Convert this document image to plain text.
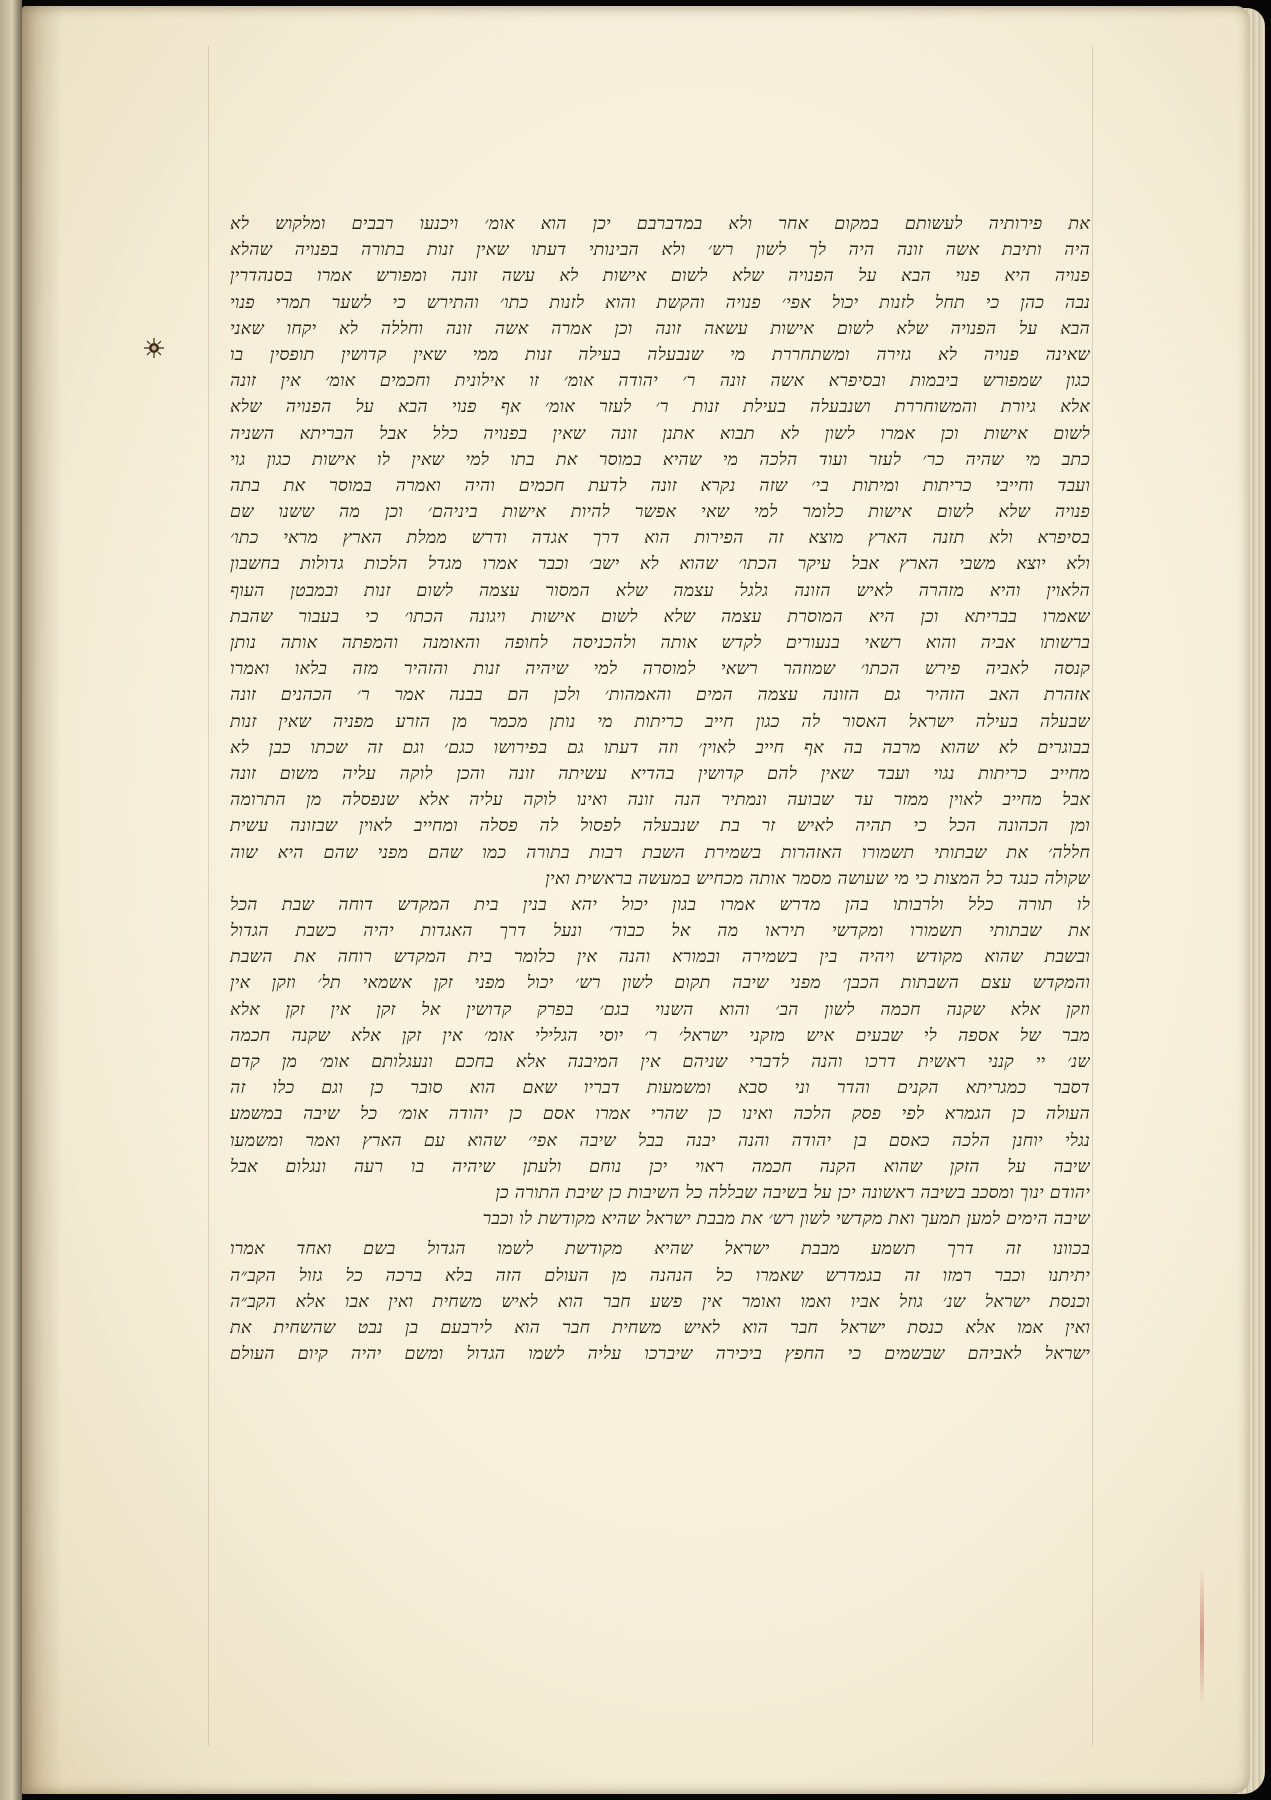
את פירותיה לעשותם במקום אחר ולא במדברבם יכן הוא אומ׳ ויכנעו רבבים ומלקוש לא
היה ותיבת אשה זונה היה לך לשון רש׳ ולא הבינותי דעתו שאין זנות בתורה בפנויה שהלא
פנויה היא פנוי הבא על הפנויה שלא לשום אישות לא עשה זונה ומפורש אמרו בסנהדרין
נבה כהן כי תחל לזנות יכול אפי׳ פנויה והקשת והוא לזנות כתו׳ והתירש כי לשער תמרי פנוי
הבא על הפנויה שלא לשום אישות עשאה זונה וכן אמרה אשה זונה וחללה לא יקחו שאני
שאינה פנויה לא גזירה ומשתחררת מי שנבעלה בעילה זנות ממי שאין קדושין תופסין בו
כגון שמפורש ביבמות ובסיפרא אשה זונה ר׳ יהודה אומ׳ זו אילונית וחכמים אומ׳ אין זונה
אלא גיורת והמשוחררת ושנבעלה בעילת זנות ר׳ לעזר אומ׳ אף פנוי הבא על הפנויה שלא
לשום אישות וכן אמרו לשון לא תבוא אתנן זונה שאין בפנויה כלל אבל הבריתא השניה
כתב מי שהיה כר׳ לעזר ועוד הלכה מי שהיא במוסר את בתו למי שאין לו אישות כגון גוי
ועבד וחייבי כריתות ומיתות בי׳ שזה נקרא זונה לדעת חכמים והיה ואמרה במוסר את בתה
פנויה שלא לשום אישות כלומר למי שאי אפשר להיות אישות ביניהם׳ וכן מה ששנו שם
בסיפרא ולא תזנה הארץ מוצא זה הפירות הוא דרך אגדה ודרש ממלת הארץ מראי כתו׳
ולא יוצא משבי הארץ אבל עיקר הכתו׳ שהוא לא ישב׳ וכבר אמרו מגדל הלכות גדולות בחשבון
הלאוין והיא מזהרה לאיש הזונה גלגל עצמה שלא המסור עצמה לשום זנות ובמבטן העוף
שאמרו בבריתא וכן היא המוסרת עצמה שלא לשום אישות ויגונה הכתו׳ כי בעבור שהבת
ברשותו אביה והוא רשאי בנעורים לקדש אותה ולהכניסה לחופה והאומנה והמפתה אותה נותן
קנסה לאביה פירש הכתו׳ שמוזהר רשאי למוסרה למי שיהיה זנות והזהיר מזה בלאו ואמרו
אזהרת האב הזהיר גם הזונה עצמה המים והאמהות׳ ולכן הם בבנה אמר ר׳ הכהנים זונה
שבעלה בעילה ישראל האסור לה כגון חייב כריתות מי נותן מכמר מן הזרע מפניה שאין זנות
בבוגרים לא שהוא מרבה בה אף חייב לאוין׳ וזה דעתו גם בפירושו כגם׳ וגם זה שכתו כבן לא
מחייב כריתות נגוי ועבד שאין להם קדושין בהדיא עשיתה זונה והכן לוקה עליה משום זונה
אבל מחייב לאוין ממזר עד שבועה ונמתיר הנה זונה ואינו לוקה עליה אלא שנפסלה מן התרומה
ומן הכהונה הכל כי תהיה לאיש זר בת שנבעלה לפסול לה פסלה ומחייב לאוין שבזונה עשית
חללה׳ את שבתותי תשמורו האזהרות בשמירת השבת רבות בתורה כמו שהם מפני שהם היא שוה
שקולה כנגד כל המצות כי מי שעושה מסמר אותה מכחיש במעשה בראשית ואין
לו תורה כלל ולרבותו בהן מדרש אמרו בגון יכול יהא בנין בית המקדש דוחה שבת הכל
את שבתותי תשמורו ומקדשי תיראו מה אל כבוד׳ ונעל דרך האגדות יהיה כשבת הגדול
ובשבת שהוא מקודש ויהיה בין בשמירה ובמורא והנה אין כלומר בית המקדש רוחה את השבת
והמקדש עצם השבתות הכבן׳ מפני שיבה תקום לשון רש׳ יכול מפני זקן אשמאי תל׳ וזקן אין
וזקן אלא שקנה חכמה לשון הב׳ והוא השנוי בגם׳ בפרק קדושין אל זקן אין זקן אלא
מבר של אספה לי שבעים איש מזקני ישראל׳ ר׳ יוסי הגלילי אומ׳ אין זקן אלא שקנה חכמה
שנ׳ יי קנני ראשית דרכו והנה לדברי שניהם אין המיבנה אלא בחכם ונעגלותם אומ׳ מן קדם
דסבר כמגריתא הקנים והדר וני סבא ומשמעות דבריו שאם הוא סובר כן וגם כלו זה
העולה כן הגמרא לפי פסק הלכה ואינו כן שהרי אמרו אסם כן יהודה אומ׳ כל שיבה במשמע
נגלי יוחנן הלכה כאסם בן יהודה והנה יבנה בבל שיבה אפי׳ שהוא עם הארץ ואמר ומשמעו
שיבה על הזקן שהוא הקנה חכמה ראוי יכן נוחם ולעתן שיהיה בו רעה ונגלום אבל
יהודם ינוך ומסכב בשיבה ראשונה יכן על בשיבה שבללה כל השיבות כן שיבת התורה כן
שיבה הימים למען תמעך ואת מקדשי לשון רש׳ את מבבת ישראל שהיא מקודשת לו וכבר
בכוונו זה דרך תשמע מבבת ישראל שהיא מקודשת לשמו הגדול בשם ואחד אמרו
יתיתנו וכבר רמזו זה בגמדרש שאמרו כל הנהנה מן העולם הזה בלא ברכה כל גזול הקב״ה
וכנסת ישראל שנ׳ גוזל אביו ואמו ואומר אין פשע חבר הוא לאיש משחית ואין אבו אלא הקב״ה
ואין אמו אלא כנסת ישראל חבר הוא לאיש משחית חבר הוא לירבעם בן נבט שהשחית את
ישראל לאביהם שבשמים כי החפץ ביכירה שיברכו עליה לשמו הגדול ומשם יהיה קיום העולם
